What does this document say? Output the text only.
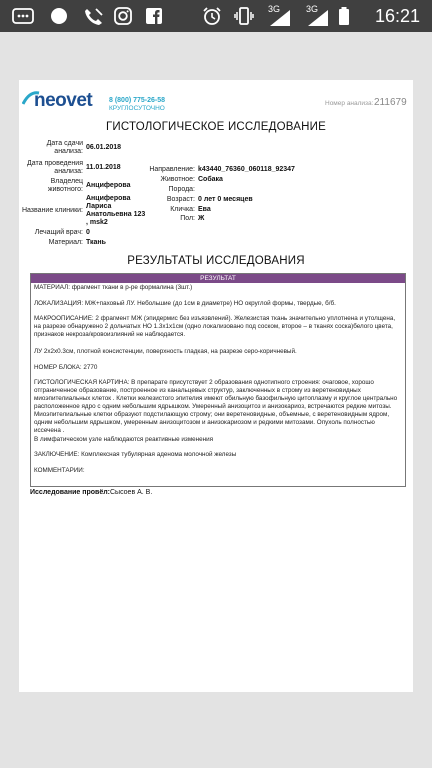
3G	3G	16:21
neovet 8 (800) 775-26-58
КРУГЛОСУТОЧНО
Номер анализа: 211679
ГИСТОЛОГИЧЕСКОЕ ИССЛЕДОВАНИЕ
Дата сдачи анализа:
06.01.2018
Дата проведения анализа:
11.01.2018
Владелец животного:
Анциферова
Название клиники:
Анциферова Лариса Анатольевна 123 , msk2
Лечащий врач: 0
Материал: Ткань
Направление: k43440_76360_060118_92347
Животное: Собака
Порода:
Возраст: 0 лет 0 месяцев
Кличка: Ева
Пол: Ж
РЕЗУЛЬТАТЫ ИССЛЕДОВАНИЯ
РЕЗУЛЬТАТ
МАТЕРИАЛ: фрагмент ткани в р-ре формалина (3шт.)
ЛОКАЛИЗАЦИЯ: МЖ+паховый ЛУ. Небольшие (до 1см в диаметре) НО округлой формы, твердые, б/б.
МАКРООПИСАНИЕ: 2 фрагмент МЖ (эпидермис без изъязвлений). Железистая ткань значительно уплотнена и утолщена, на разрезе обнаружено 2 дольчатых НО 1.3х1х1см (одно локализовано под соском, второе – в тканях соска)белого цвета, признаков некроза/кровоизлияний не наблюдается.
ЛУ 2х2х0.3см, плотной консистенции, поверхность гладкая, на разрезе серо-коричневый.
НОМЕР БЛОКА: 2770
ГИСТОЛОГИЧЕСКАЯ КАРТИНА: В препарате присутствует 2 образования однотипного строения: очаговое, хорошо отграниченное образование, построенное из канальцевых структур, заключенных в строму из веретеновидных миоэпителиальных клеток . Клетки железистого эпителия имеют обильную базофильную цитоплазму и круглое центрально расположенное ядро с одним небольшим ядрышком. Умеренный анизоцитоз и анизокариоз, встречаются редкие митозы. Миоэпителиальные клетки образуют подстилающую строму; они веретеновидные, объемные, с веретеновидным ядром, одним небольшим ядрышком, умеренным анизоцитозом и анизокариозом и редкими митозами. Опухоль полностью иссечена .
В лимфатическом узле наблюдаются реактивные изменения
ЗАКЛЮЧЕНИЕ: Комплексная тубулярная аденома молочной железы
КОММЕНТАРИИ:
Исследование провёл: Сысоев А. В.
